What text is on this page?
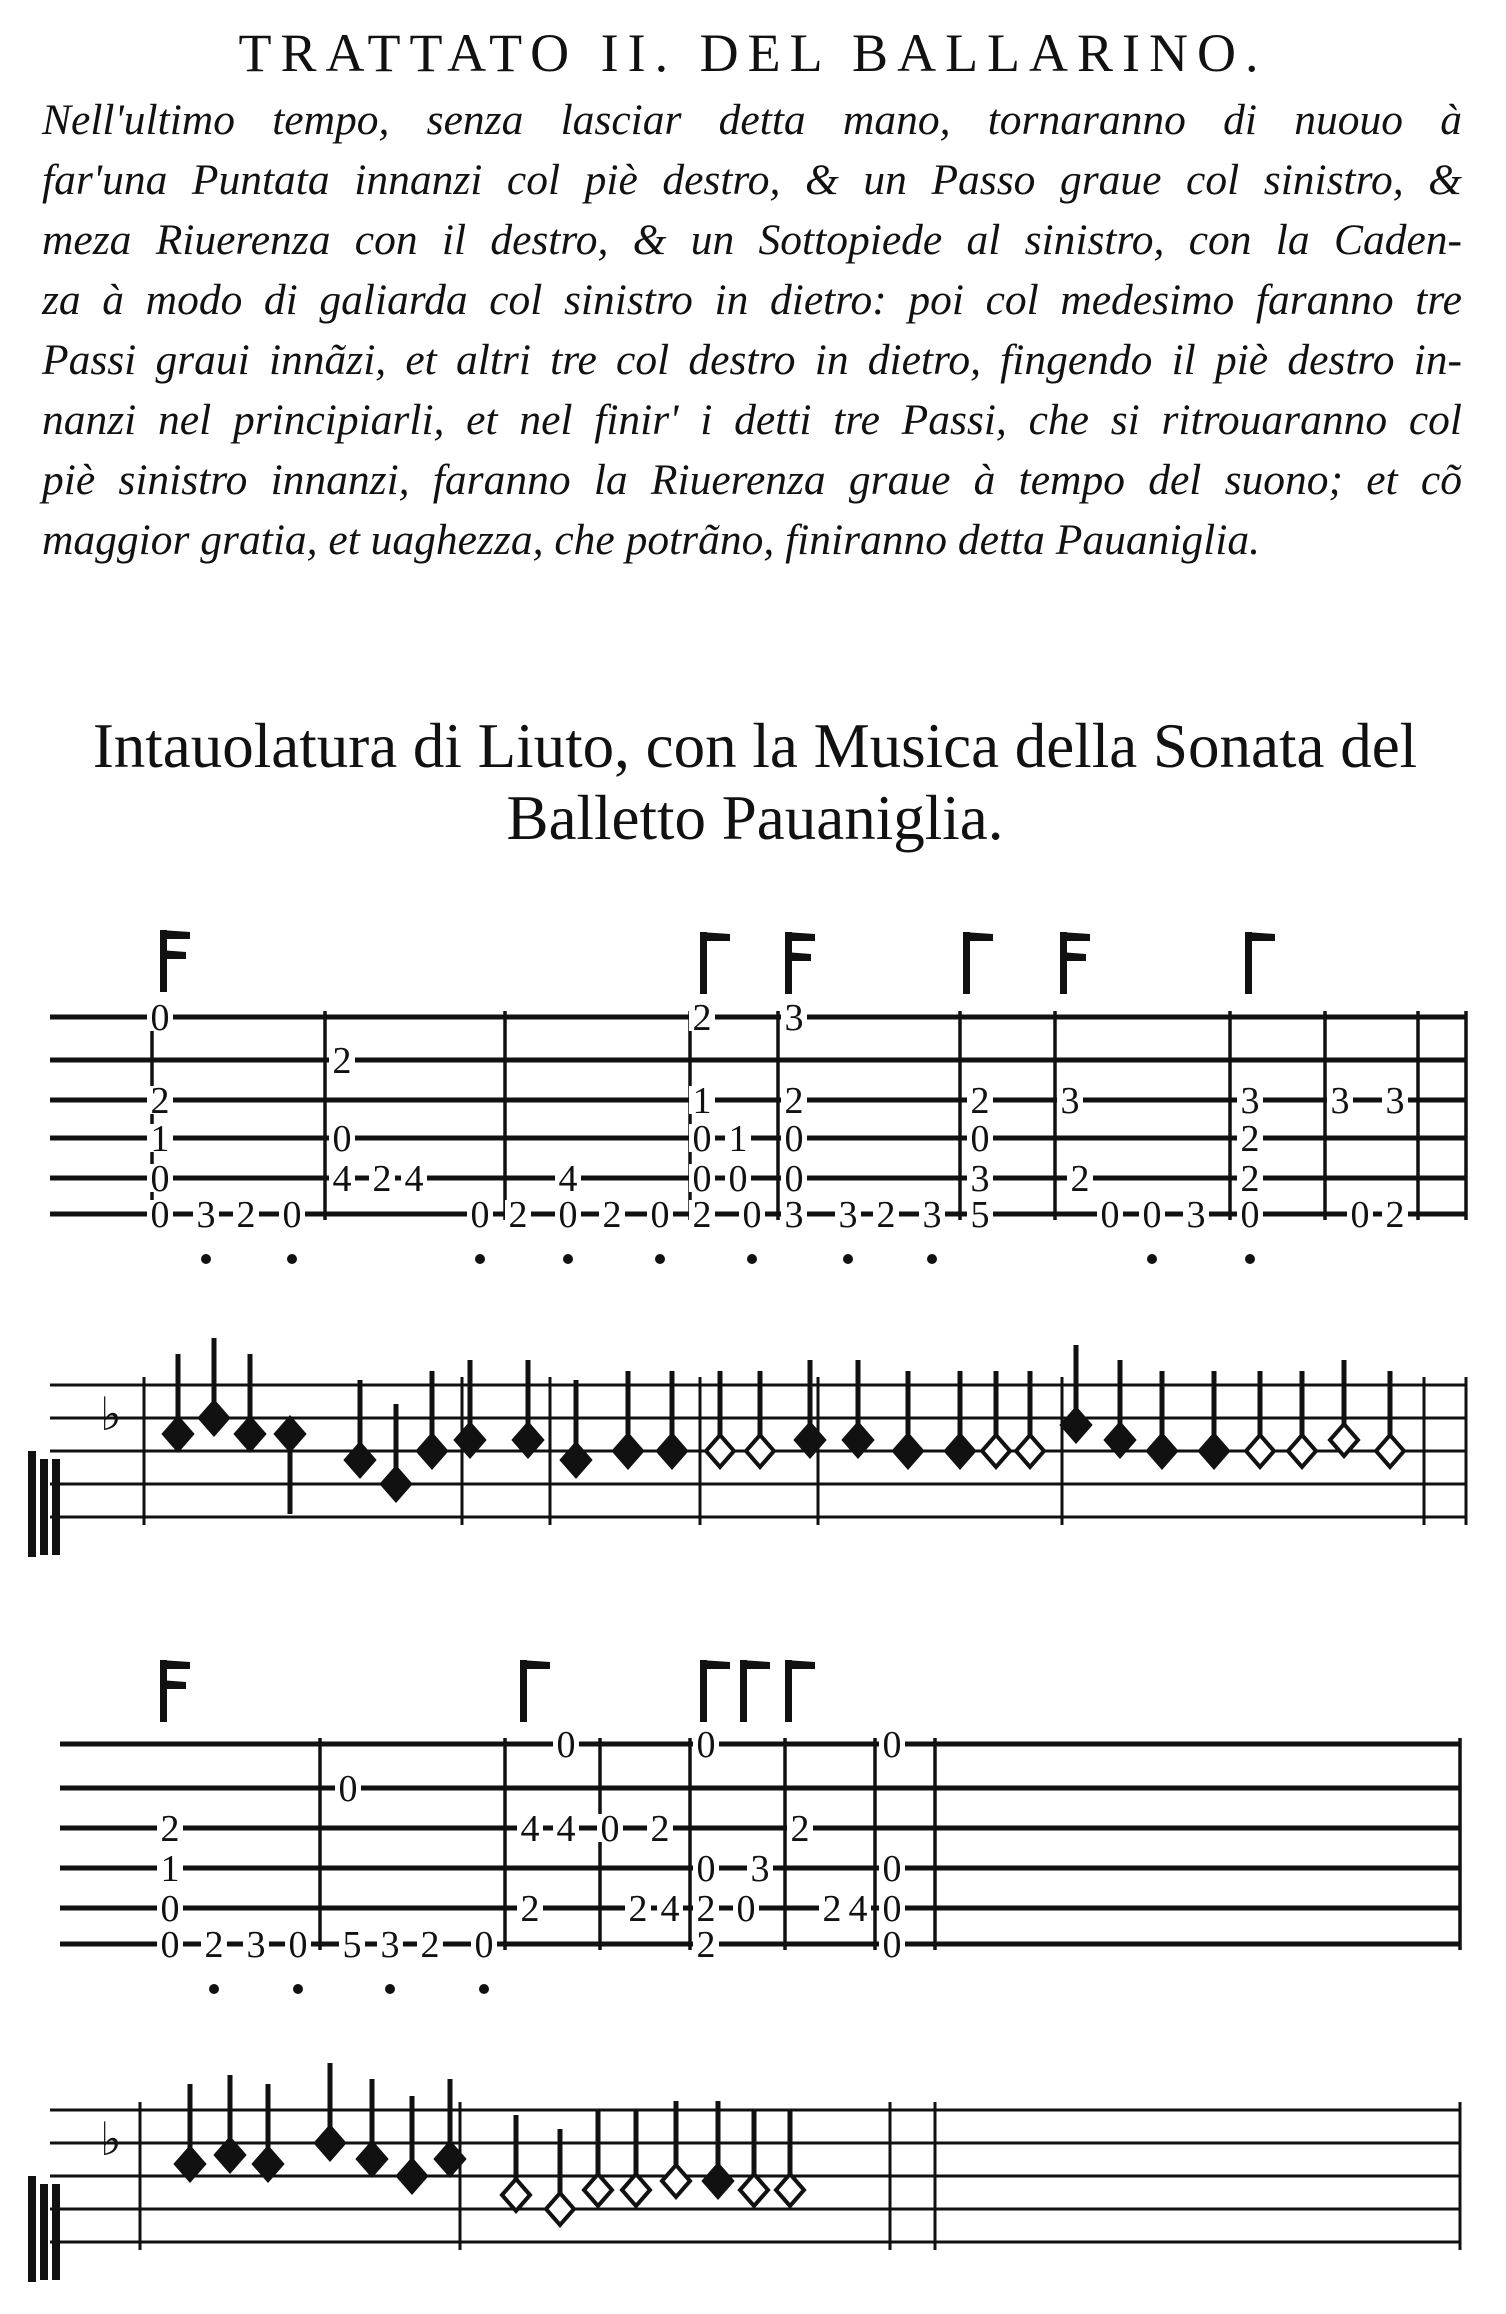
TRATTATO II. DEL BALLARINO.
Nell'ultimo tempo, senza lasciar detta mano, tornaranno di nuouo à
far'una Puntata innanzi col piè destro, & un Passo graue col sinistro, &
meza Riuerenza con il destro, & un Sottopiede al sinistro, con la Caden-
za à modo di galiarda col sinistro in dietro: poi col medesimo faranno tre
Passi graui innãzi, et altri tre col destro in dietro, fingendo il piè destro in-
nanzi nel principiarli, et nel finir' i detti tre Passi, che si ritrouaranno col
piè sinistro innanzi, faranno la Riuerenza graue à tempo del suono; et cõ
maggior gratia, et uaghezza, che potrãno, finiranno detta Pauaniglia.
Intauolatura di Liuto, con la Musica della Sonata del
Balletto Pauaniglia.
0
2
1
0
0 3 2 0
2
0
4 2 4
0 2
4
0 2 0
2
1
0
0
2
1
0
0
3
2
0
0
3 3 2 3
2
0
3
5
3
2
0 0 3
3
2
2
0
3
0
3
2
♭
2
1
0
0 2 3 0
0
5 3 2 0
4
2
0
4 0
2
2
4
0
0
2
2
0
3
2
2 4
0
0
0
0
♭
